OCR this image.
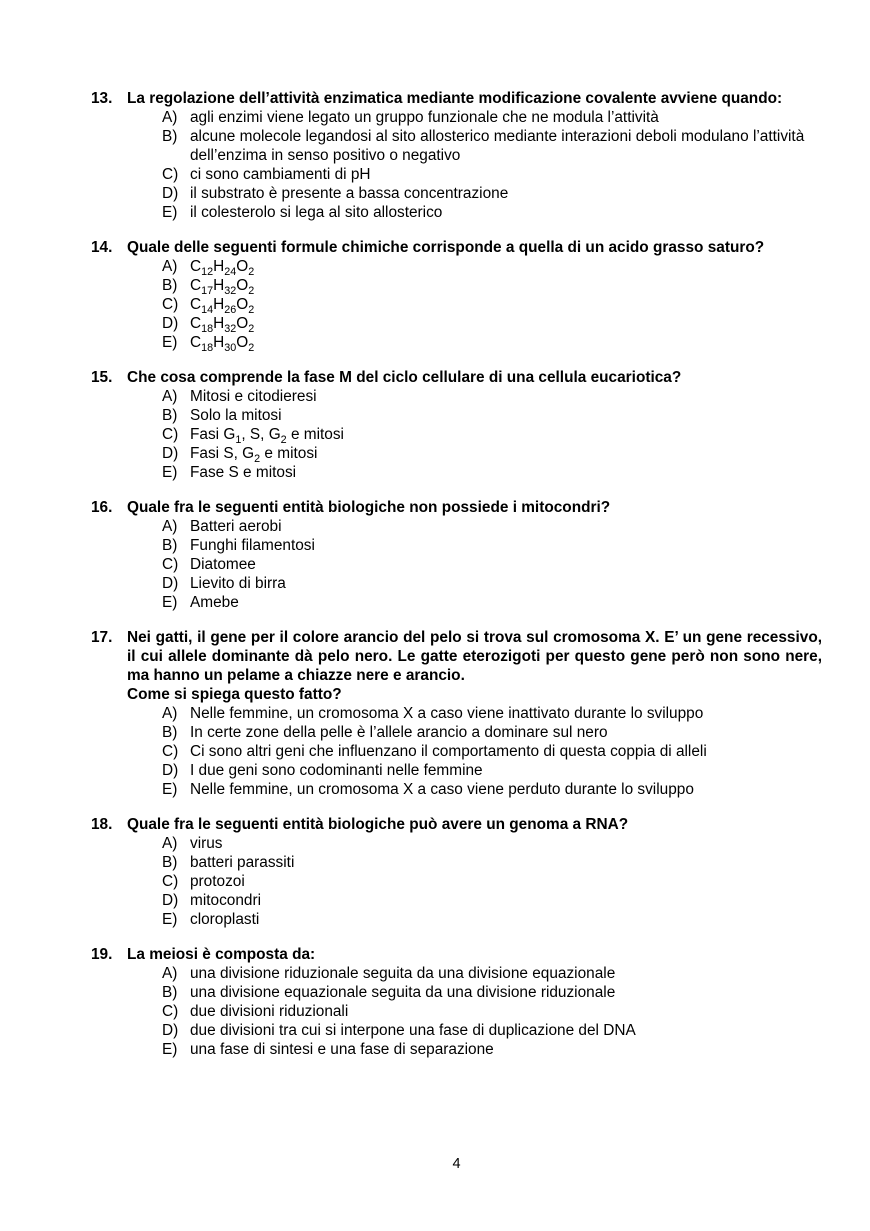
13. La regolazione dell’attività enzimatica mediante modificazione covalente avviene quando:
A) agli enzimi viene legato un gruppo funzionale che ne modula l’attività
B) alcune molecole legandosi al sito allosterico mediante interazioni deboli modulano l’attività dell’enzima in senso positivo o negativo
C) ci sono cambiamenti di pH
D) il substrato è presente a bassa concentrazione
E) il colesterolo si lega al sito allosterico
14. Quale delle seguenti formule chimiche corrisponde a quella di un acido grasso saturo?
A) $C_{12}H_{24}O_2$
B) $C_{17}H_{32}O_2$
C) $C_{14}H_{26}O_2$
D) $C_{18}H_{32}O_2$
E) $C_{18}H_{30}O_2$
15. Che cosa comprende la fase M del ciclo cellulare di una cellula eucariotica?
A) Mitosi e citodieresi
B) Solo la mitosi
C) Fasi $G_1$, S, $G_2$ e mitosi
D) Fasi S, $G_2$ e mitosi
E) Fase S e mitosi
16. Quale fra le seguenti entità biologiche non possiede i mitocondri?
A) Batteri aerobi
B) Funghi filamentosi
C) Diatomee
D) Lievito di birra
E) Amebe
17. Nei gatti, il gene per il colore arancio del pelo si trova sul cromosoma X. E’ un gene recessivo, il cui allele dominante dà pelo nero. Le gatte eterozigoti per questo gene però non sono nere, ma hanno un pelame a chiazze nere e arancio.
Come si spiega questo fatto?
A) Nelle femmine, un cromosoma X a caso viene inattivato durante lo sviluppo
B) In certe zone della pelle è l’allele arancio a dominare sul nero
C) Ci sono altri geni che influenzano il comportamento di questa coppia di alleli
D) I due geni sono codominanti nelle femmine
E) Nelle femmine, un cromosoma X a caso viene perduto durante lo sviluppo
18. Quale fra le seguenti entità biologiche può avere un genoma a RNA?
A) virus
B) batteri parassiti
C) protozoi
D) mitocondri
E) cloroplasti
19. La meiosi è composta da:
A) una divisione riduzionale seguita da una divisione equazionale
B) una divisione equazionale seguita da una divisione riduzionale
C) due divisioni riduzionali
D) due divisioni tra cui si interpone una fase di duplicazione del DNA
E) una fase di sintesi e una fase di separazione
4
